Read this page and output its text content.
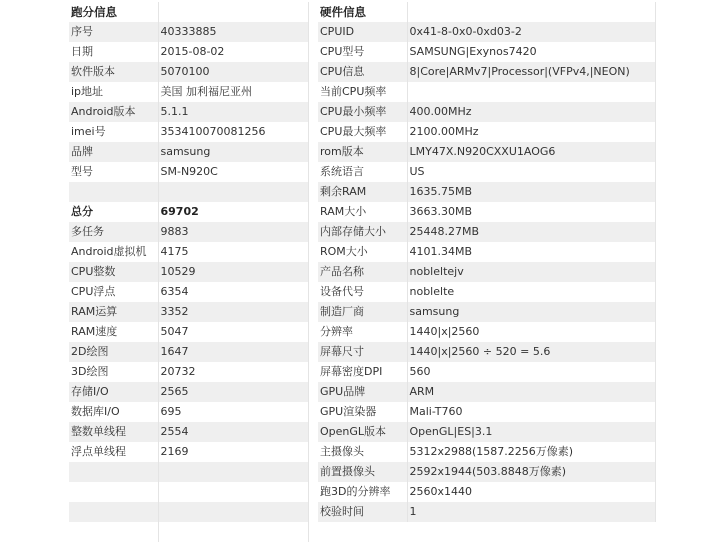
跑分信息	
序号	40333885
日期	2015-08-02
软件版本	5070100
ip地址	美国 加利福尼亚州
Android版本	5.1.1
imei号	353410070081256
品牌	samsung
型号	SM-N920C

总分	69702
多任务	9883
Android虚拟机	4175
CPU整数	10529
CPU浮点	6354
RAM运算	3352
RAM速度	5047
2D绘图	1647
3D绘图	20732
存储I/O	2565
数据库I/O	695
整数单线程	2554
浮点单线程	2169

硬件信息	
CPUID	0x41-8-0x0-0xd03-2
CPU型号	SAMSUNG|Exynos7420
CPU信息	8|Core|ARMv7|Processor|(VFPv4,|NEON)
当前CPU频率	
CPU最小频率	400.00MHz
CPU最大频率	2100.00MHz
rom版本	LMY47X.N920CXXU1AOG6
系统语言	US
剩余RAM	1635.75MB
RAM大小	3663.30MB
内部存储大小	25448.27MB
ROM大小	4101.34MB
产品名称	nobleltejv
设备代号	noblelte
制造厂商	samsung
分辨率	1440|x|2560
屏幕尺寸	1440|x|2560 ÷ 520 = 5.6
屏幕密度DPI	560
GPU品牌	ARM
GPU渲染器	Mali-T760
OpenGL版本	OpenGL|ES|3.1
主摄像头	5312x2988(1587.2256万像素)
前置摄像头	2592x1944(503.8848万像素)
跑3D的分辨率	2560x1440
校验时间	1
